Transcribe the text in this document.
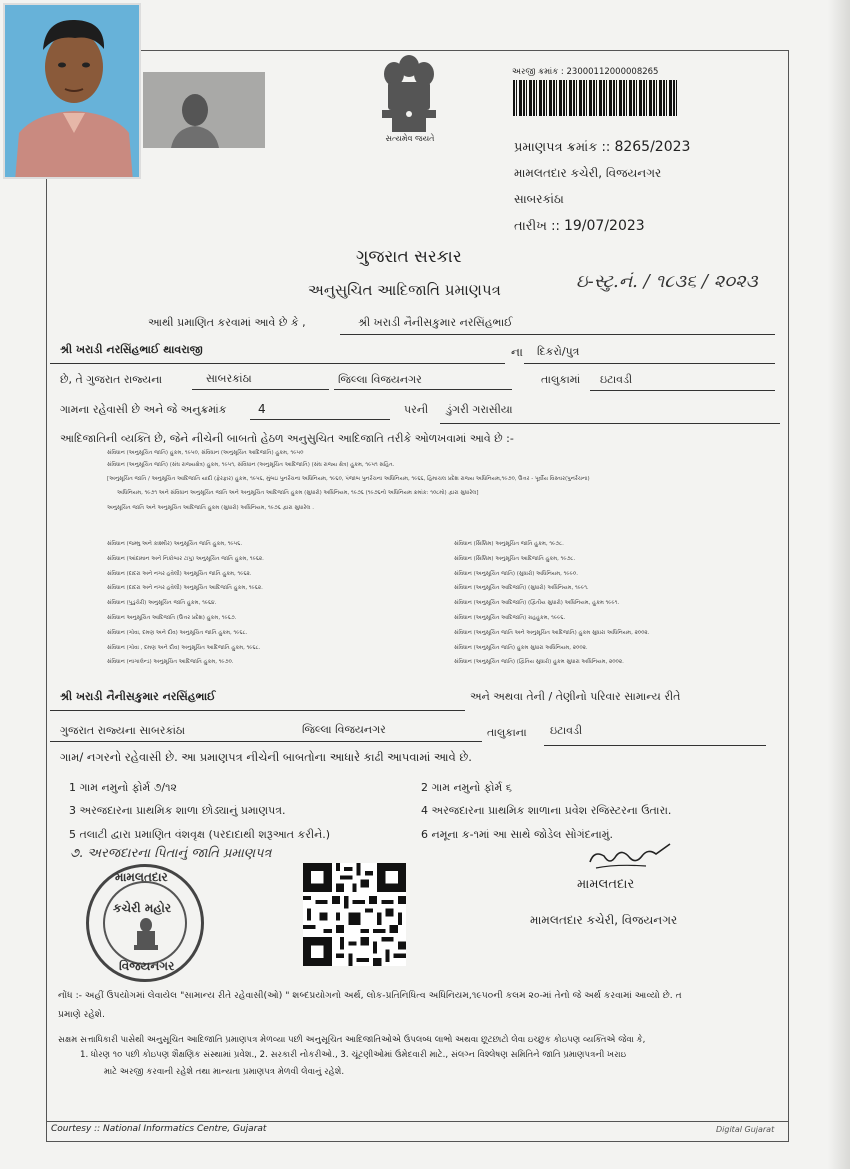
સત્યમેવ જયતે
અરજી ક્રમાંક : 23000112000008265
પ્રમાણપત્ર ક્રમાંક :: 8265/2023
મામલતદાર કચેરી, વિજયનગર
સાબરકાંઠા
તારીખ :: 19/07/2023
ગુજરાત સરકાર
અનુસુચિત આદિજાતિ પ્રમાણપત્ર	ઇ-સ્ટુ.નં. / ૧૮૩૬ / ૨૦૨૩
આથી પ્રમાણિત કરવામાં આવે છે કે ,	શ્રી ખરાડી નૈનીસકુમાર નરસિંહભાઈ
શ્રી ખરાડી નરસિંહભાઈ થાવરાજી	ના દિકરો/પુત્ર
છે, તે ગુજરાત રાજ્યના	સાબરકાંઠા	જિલ્લા વિજયનગર	તાલુકામાં ઇટાવડી
ગામના રહેવાસી છે અને જે અનુક્રમાંક	4	પરની ડુંગરી ગરાસીયા
આદિજાતિની વ્યક્તિ છે, જેને નીચેની બાબતો હેઠળ અનુસુચિત આદિજાતિ તરીકે ઓળખવામાં આવે છે :-
સંવિધાન (અનુસૂચિત જાતિ) હુકમ, ૧૯૫૦, સંવિધાન (અનુસૂચિત આદિજાતિ) હુકમ, ૧૯૫૦
સંવિધાન (અનુસૂચિત જાતિ) (સંઘ રાજ્યક્ષેત્ર) હુકમ, ૧૯૫૧, સંવિધાન (અનુસૂચિત આદિજાતિ) (સંઘ રાજ્ય ક્ષેત્ર) હુકમ, ૧૯૫૧ સહિત.
[અનુસૂચિત જાતિ / અનુસૂચિત આદિજાતિ યાદી (ફેરફાર) હુકમ, ૧૯૫૬, મુંબઇ પુનર્રચના અધિનિયમ, ૧૯૬૦, પંજાબ પુનર્રચના અધિનિયમ, ૧૯૬૬, હિમાચલ પ્રદેશ રાજ્ય અધિનિયમ,૧૯૭૦, ઉત્તર - પૂર્વીય વિસ્તાર(પુનર્રચના)
અધિનિયમ, ૧૯૭૧ અને સંવિધાન અનુસૂચિત જાતિ અને અનુસૂચિત આદિજાતિ હુકમ (સુધારો) અધિનિયમ, ૧૯૭૬ (૧૯૭૬નો અધિનિયમ ક્રમાંક: ૧૦૮મો) દ્વારા સુધારેલ]
અનુસૂચિત જાતિ અને અનુસૂચિત આદિજાતિ હુકમ (સુધારો) અધિનિયમ, ૧૯૭૬ દ્વારા સુધારેલ .
સંવિધાન (જમ્મુ અને કાશ્મીર) અનુસૂચિત જાતિ હુકમ, ૧૯૫૬.
સંવિધાન (આંદામાન અને નિકોબાર ટાપુ) અનુસૂચિત જાતિ હુકમ, ૧૯૬૨.
સંવિધાન (દાદરા અને નગર હવેલી) અનુસૂચિત જાતિ હુકમ, ૧૯૬૨.
સંવિધાન (દાદરા અને નગર હવેલી) અનુસૂચિત આદિજાતિ હુકમ, ૧૯૬૨.
સંવિધાન (પુડુચેરી) અનુસૂચિત જાતિ હુકમ, ૧૯૬૪.
સંવિધાન અનુસૂચિત આદિજાતિ (ઉત્તર પ્રદેશ) હુકમ, ૧૯૬૭.
સંવિધાન (ગોવા, દમણ અને દીવ) અનુસૂચિત જાતિ હુકમ, ૧૯૬૮.
સંવિધાન (ગોવા , દમણ અને દીવ) અનુસૂચિત આદિજાતિ હુકમ, ૧૯૬૮.
સંવિધાન (નાગાલેન્ડ) અનુસૂચિત આદિજાતિ હુકમ, ૧૯૭૦.
સંવિધાન (સિક્કિમ) અનુસૂચિત જાતિ હુકમ, ૧૯૭૮.
સંવિધાન (સિક્કિમ) અનુસૂચિત આદિજાતિ હુકમ, ૧૯૭૮.
સંવિધાન (અનુસૂચિત જાતિ) (સુધારો) અધિનિયમ, ૧૯૯૦.
સંવિધાન (અનુસૂચિત આદિજાતિ) (સુધારો) અધિનિયમ, ૧૯૯૧.
સંવિધાન (અનુસૂચિત આદિજાતિ) (દ્વિતીય સુધારો) અધિનિયમ, હુકમ ૧૯૯૧.
સંવિધાન (અનુસૂચિત આદિજાતિ) ગ્રહહુકમ, ૧૯૯૬.
સંવિધાન (અનુસૂચિત જાતિ અને અનુસૂચિત આદિજાતિ) હુકમ સુધારા અધિનિયમ, ૨૦૦૨.
સંવિધાન (અનુસૂચિત જાતિ) હુકમ સુધારા અધિનિયમ, ૨૦૦૨.
સંવિધાન (અનુસૂચિત જાતિ) (દ્વિતિય સુધારો) હુકમ સુધારા અધિનિયમ, ૨૦૦૨.
શ્રી ખરાડી નૈનીસકુમાર નરસિંહભાઈ	અને અથવા તેની / તેણીનો પરિવાર સામાન્ય રીતે
ગુજરાત રાજ્યના સાબરકાંઠા	જિલ્લા વિજયનગર	તાલુકાના ઇટાવડી
ગામ/ નગરનો રહેવાસી છે. આ પ્રમાણપત્ર નીચેની બાબતોના આધારે કાઢી આપવામાં આવે છે.
1 ગામ નમુનો ફોર્મ ૭/૧૨	2 ગામ નમુનો ફોર્મ ૬
3 અરજદારના પ્રાથમિક શાળા છોડ્યાનું પ્રમાણપત્ર.	4 અરજદારના પ્રાથમિક શાળાના પ્રવેશ રજિસ્ટરના ઉતારા.
5 તલાટી દ્વારા પ્રમાણિત વંશવૃક્ષ (પરદાદાથી શરૂઆત કરીને.)	6 નમૂના ક-૧માં આ સાથે જોડેલ સોગંદનામું.
૭. અરજદારના પિતાનું જાતિ પ્રમાણપત્ર
મામલતદાર
મામલતદાર કચેરી, વિજયનગર
મામલતદાર
કચેરી મહોર
વિજયનગર
નોંધ :- અહીં ઉપયોગમાં લેવાયેલ "સામાન્ય રીતે રહેવાસી(ઓ) " શબ્દપ્રયોગનો અર્થ, લોક-પ્રતિનિધિત્વ અધિનિયમ,૧૯૫૦ની કલમ ૨૦-માં તેનો જે અર્થ કરવામાં આવ્યો છે. ત
પ્રમાણે રહેશે.
સક્ષમ સત્તાધિકારી પાસેથી અનુસૂચિત આદિજાતિ પ્રમાણપત્ર મેળવ્યા પછી અનુસૂચિત આદિજાતિઓએ ઉપલબ્ધ લાભો અથવા છૂટછાટો લેવા ઇચ્છુક કોઇપણ વ્યક્તિએ જેવા કે,
1. ધોરણ ૧૦ પછી કોઇપણ શૈક્ષણિક સંસ્થામાં પ્રવેશ., 2. સરકારી નોકરીઓ., 3. ચૂંટણીઓમાં ઉમેદવારી માટે., સંલગ્ન વિશ્લેષણ સમિતિને જાતિ પ્રમાણપત્રની ખરાઇ
માટે અરજી કરવાની રહેશે તથા માન્યતા પ્રમાણપત્ર મેળવી લેવાનું રહેશે.
Courtesy :: National Informatics Centre, Gujarat	Digital Gujarat
